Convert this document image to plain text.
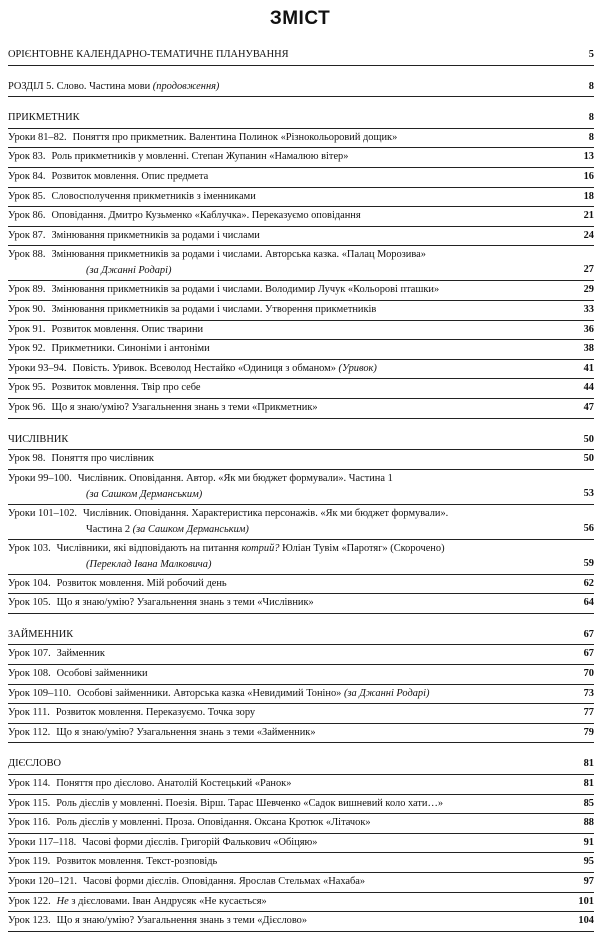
ЗМІСТ
ОРІЄНТОВНЕ КАЛЕНДАРНО-ТЕМАТИЧНЕ ПЛАНУВАННЯ	5
РОЗДІЛ 5. Слово. Частина мови (продовження)	8
ПРИКМЕТНИК	8
Уроки 81–82. Поняття про прикметник. Валентина Полинок «Різнокольоровий дощик»	8
Урок 83. Роль прикметників у мовленні. Степан Жупанин «Намалюю вітер»	13
Урок 84. Розвиток мовлення. Опис предмета	16
Урок 85. Словосполучення прикметників з іменниками	18
Урок 86. Оповідання. Дмитро Кузьменко «Каблучка». Переказуємо оповідання	21
Урок 87. Змінювання прикметників за родами і числами	24
Урок 88. Змінювання прикметників за родами і числами. Авторська казка. «Палац Морозива»
(за Джанні Родарі)	27
Урок 89. Змінювання прикметників за родами і числами. Володимир Лучук «Кольорові пташки»	29
Урок 90. Змінювання прикметників за родами і числами. Утворення прикметників	33
Урок 91. Розвиток мовлення. Опис тварини	36
Урок 92. Прикметники. Синоніми і антоніми	38
Уроки 93–94. Повість. Уривок. Всеволод Нестайко «Одиниця з обманом» (Уривок)	41
Урок 95. Розвиток мовлення. Твір про себе	44
Урок 96. Що я знаю/умію? Узагальнення знань з теми «Прикметник»	47
ЧИСЛІВНИК	50
Урок 98. Поняття про числівник	50
Уроки 99–100. Числівник. Оповідання. Автор. «Як ми бюджет формували». Частина 1
(за Сашком Дерманським)	53
Уроки 101–102. Числівник. Оповідання. Характеристика персонажів. «Як ми бюджет формували».
Частина 2 (за Сашком Дерманським)	56
Урок 103. Числівники, які відповідають на питання котрий? Юліан Тувім «Паротяг» (Скорочено)
(Переклад Івана Малковича)	59
Урок 104. Розвиток мовлення. Мій робочий день	62
Урок 105. Що я знаю/умію? Узагальнення знань з теми «Числівник»	64
ЗАЙМЕННИК	67
Урок 107. Займенник	67
Урок 108. Особові займенники	70
Урок 109–110. Особові займенники. Авторська казка «Невидимий Тоніно» (за Джанні Родарі)	73
Урок 111. Розвиток мовлення. Переказуємо. Точка зору	77
Урок 112. Що я знаю/умію? Узагальнення знань з теми «Займенник»	79
ДІЄСЛОВО	81
Урок 114. Поняття про дієслово. Анатолій Костецький «Ранок»	81
Урок 115. Роль дієслів у мовленні. Поезія. Вірш. Тарас Шевченко «Садок вишневий коло хати…»	85
Урок 116. Роль дієслів у мовленні. Проза. Оповідання. Оксана Кротюк «Літачок»	88
Уроки 117–118. Часові форми дієслів. Григорій Фалькович «Обіцяю»	91
Урок 119. Розвиток мовлення. Текст-розповідь	95
Уроки 120–121. Часові форми дієслів. Оповідання. Ярослав Стельмах «Нахаба»	97
Урок 122. Не з дієсловами. Іван Андрусяк «Не кусається»	101
Урок 123. Що я знаю/умію? Узагальнення знань з теми «Дієслово»	104
